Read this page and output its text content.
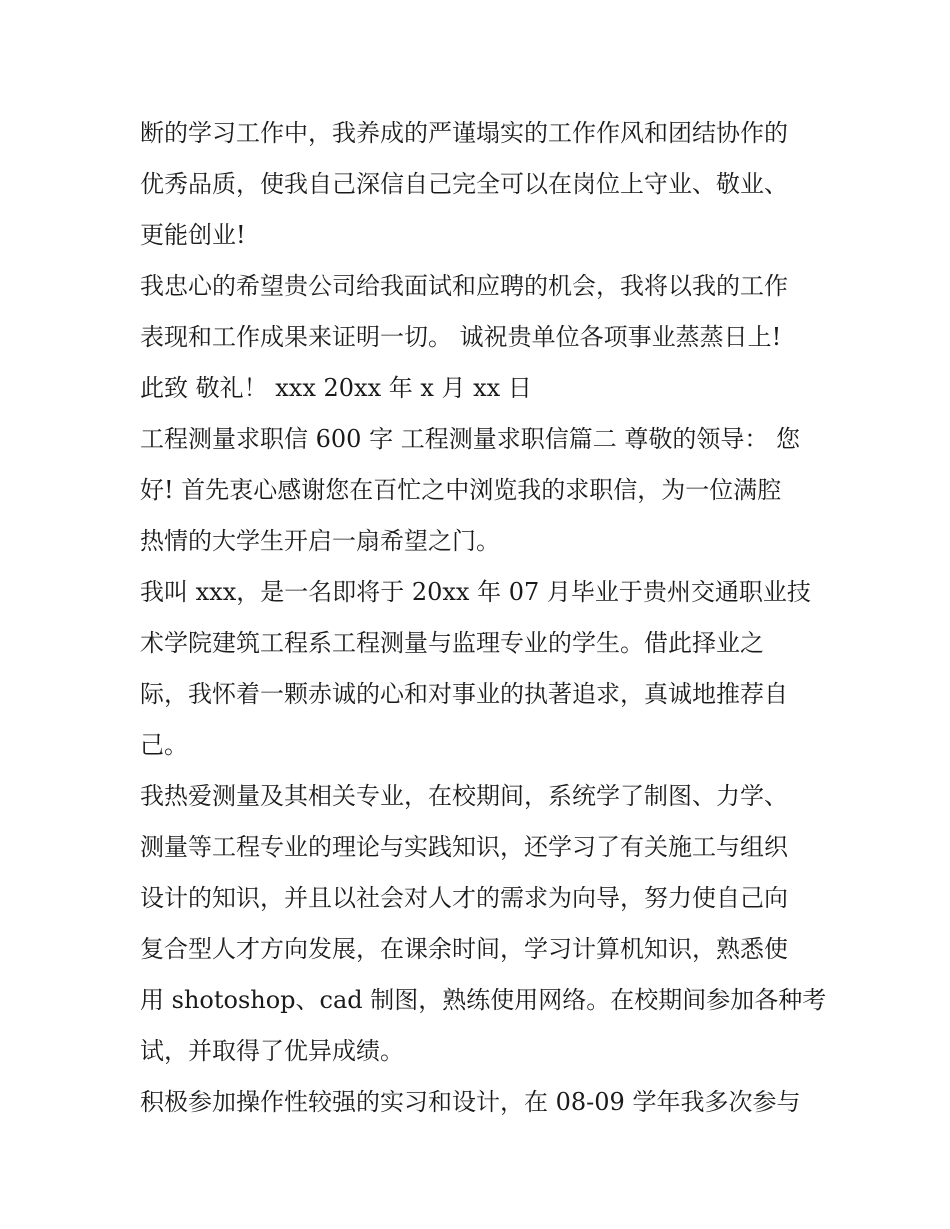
断的学习工作中，我养成的严谨塌实的工作作风和团结协作的
优秀品质，使我自己深信自己完全可以在岗位上守业、敬业、
更能创业!
我忠心的希望贵公司给我面试和应聘的机会，我将以我的工作
表现和工作成果来证明一切。 诚祝贵单位各项事业蒸蒸日上!
此致 敬礼！ xxx 20xx 年 x 月 xx 日
工程测量求职信 600 字 工程测量求职信篇二 尊敬的领导： 您
好! 首先衷心感谢您在百忙之中浏览我的求职信，为一位满腔
热情的大学生开启一扇希望之门。
我叫 xxx，是一名即将于 20xx 年 07 月毕业于贵州交通职业技
术学院建筑工程系工程测量与监理专业的学生。借此择业之
际，我怀着一颗赤诚的心和对事业的执著追求，真诚地推荐自
己。
我热爱测量及其相关专业，在校期间，系统学了制图、力学、
测量等工程专业的理论与实践知识，还学习了有关施工与组织
设计的知识，并且以社会对人才的需求为向导，努力使自己向
复合型人才方向发展，在课余时间，学习计算机知识，熟悉使
用 shotoshop、cad 制图，熟练使用网络。在校期间参加各种考
试，并取得了优异成绩。
积极参加操作性较强的实习和设计，在 08-09 学年我多次参与
